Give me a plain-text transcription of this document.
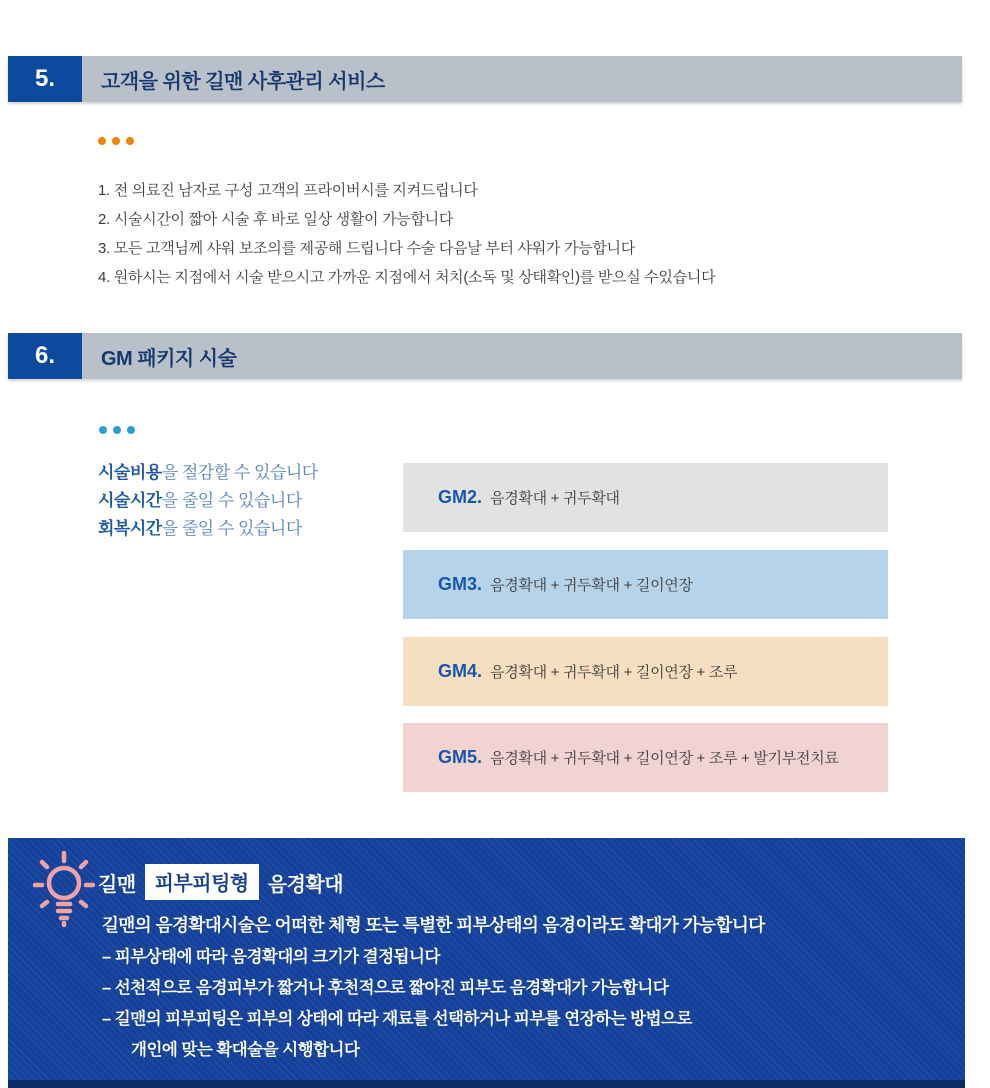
5.	고객을 위한 길맨 사후관리 서비스
1. 전 의료진 남자로 구성 고객의 프라이버시를 지켜드립니다
2. 시술시간이 짧아 시술 후 바로 일상 생활이 가능합니다
3. 모든 고객님께 샤워 보조의를 제공해 드립니다 수술 다음날 부터 샤워가 가능합니다
4. 원하시는 지점에서 시술 받으시고 가까운 지점에서 처치(소독 및 상태확인)를 받으실 수있습니다
6.	GM 패키지 시술
시술비용을 절감할 수 있습니다
시술시간을 줄일 수 있습니다
회복시간을 줄일 수 있습니다
GM2. 음경확대 + 귀두확대
GM3. 음경확대 + 귀두확대 + 길이연장
GM4. 음경확대 + 귀두확대 + 길이연장 + 조루
GM5. 음경확대 + 귀두확대 + 길이연장 + 조루 + 발기부전치료
길맨 피부피팅형 음경확대
길맨의 음경확대시술은 어떠한 체형 또는 특별한 피부상태의 음경이라도 확대가 가능합니다
– 피부상태에 따라 음경확대의 크기가 결정됩니다
– 선천적으로 음경피부가 짧거나 후천적으로 짧아진 피부도 음경확대가 가능합니다
– 길맨의 피부피팅은 피부의 상태에 따라 재료를 선택하거나 피부를 연장하는 방법으로
개인에 맞는 확대술을 시행합니다
